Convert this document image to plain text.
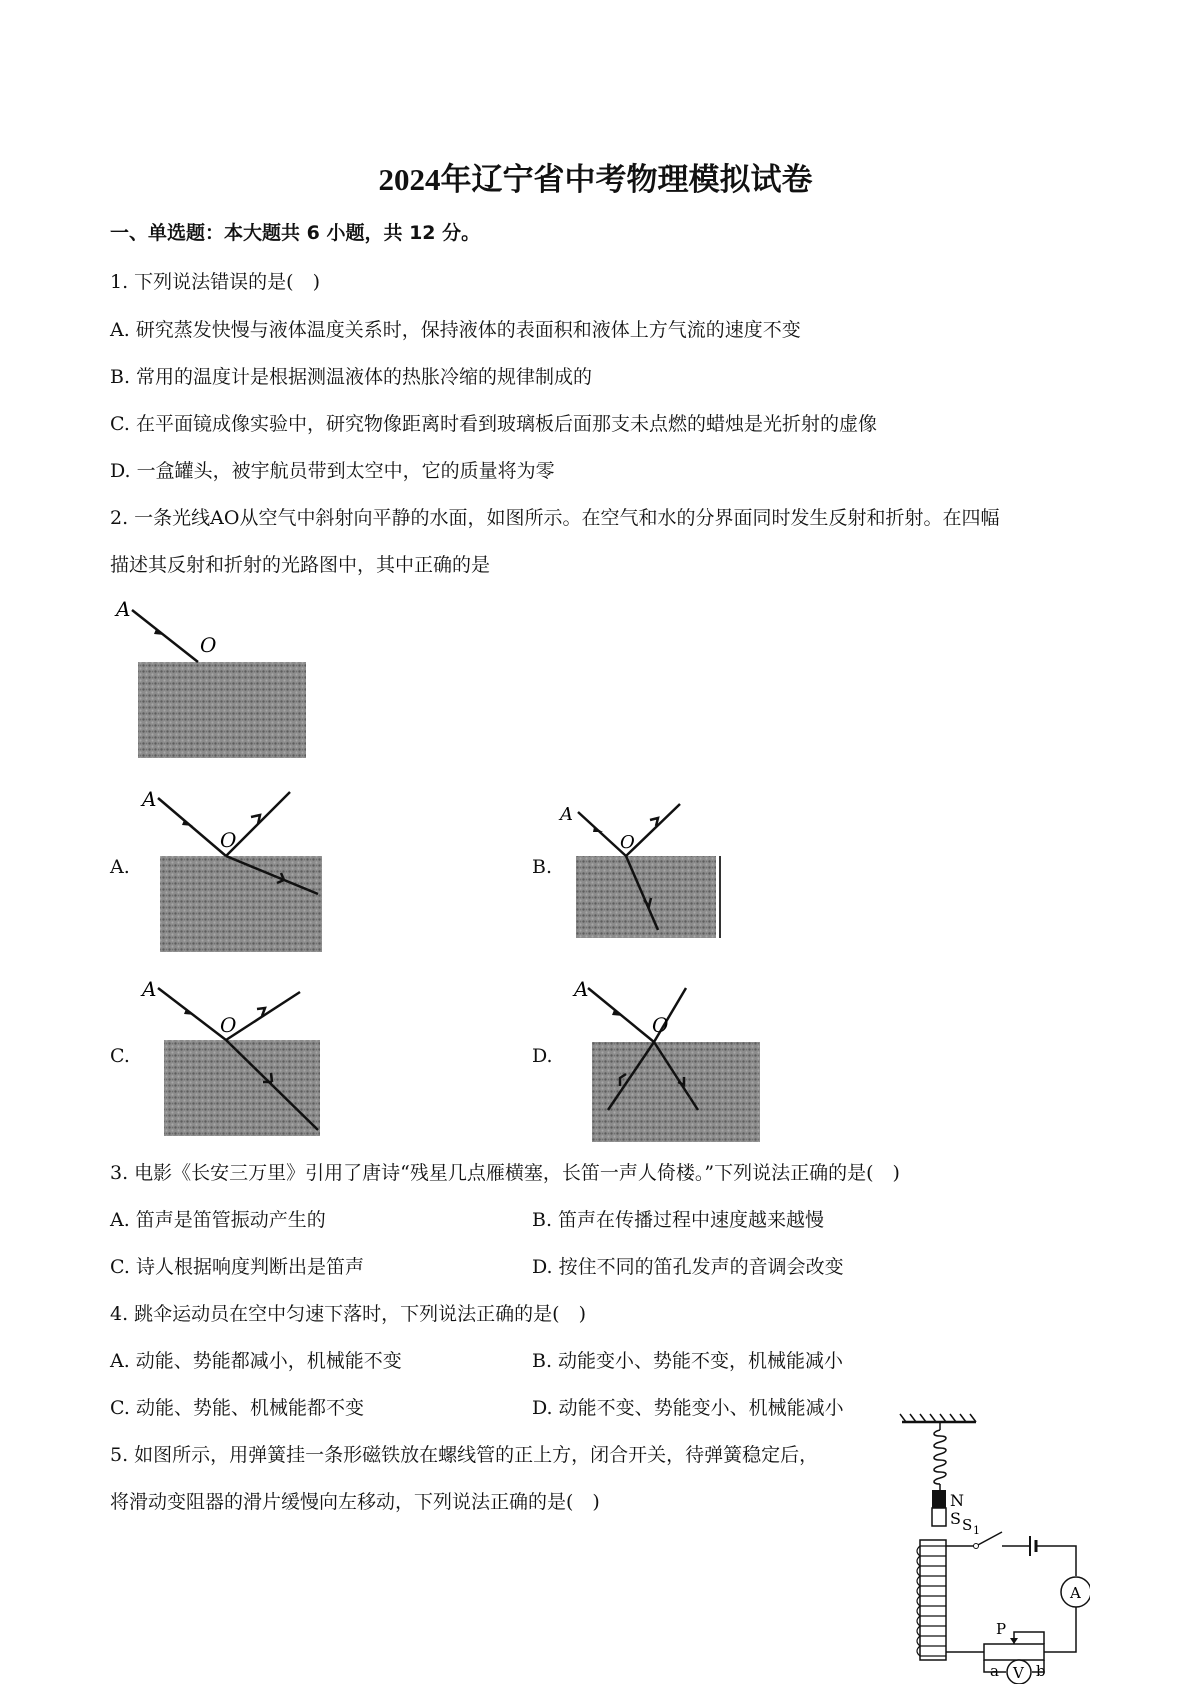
2024年辽宁省中考物理模拟试卷
一、单选题：本大题共 6 小题，共 12 分。
1. 下列说法错误的是(　)
A. 研究蒸发快慢与液体温度关系时，保持液体的表面积和液体上方气流的速度不变
B. 常用的温度计是根据测温液体的热胀冷缩的规律制成的
C. 在平面镜成像实验中，研究物像距离时看到玻璃板后面那支未点燃的蜡烛是光折射的虚像
D. 一盒罐头，被宇航员带到太空中，它的质量将为零
2. 一条光线AO从空气中斜射向平静的水面，如图所示。在空气和水的分界面同时发生反射和折射。在四幅
描述其反射和折射的光路图中，其中正确的是
A
O
A.
A
O
B.
A
O
C.
A
O
D.
A
O
3. 电影《长安三万里》引用了唐诗“残星几点雁横塞，长笛一声人倚楼。”下列说法正确的是(　)
A. 笛声是笛管振动产生的	B. 笛声在传播过程中速度越来越慢
C. 诗人根据响度判断出是笛声	D. 按住不同的笛孔发声的音调会改变
4. 跳伞运动员在空中匀速下落时，下列说法正确的是(　)
A. 动能、势能都减小，机械能不变	B. 动能变小、势能不变，机械能减小
C. 动能、势能、机械能都不变	D. 动能不变、势能变小、机械能减小
5. 如图所示，用弹簧挂一条形磁铁放在螺线管的正上方，闭合开关，待弹簧稳定后，
将滑动变阻器的滑片缓慢向左移动，下列说法正确的是(　)	N
S S 1
A
P
a b
V
